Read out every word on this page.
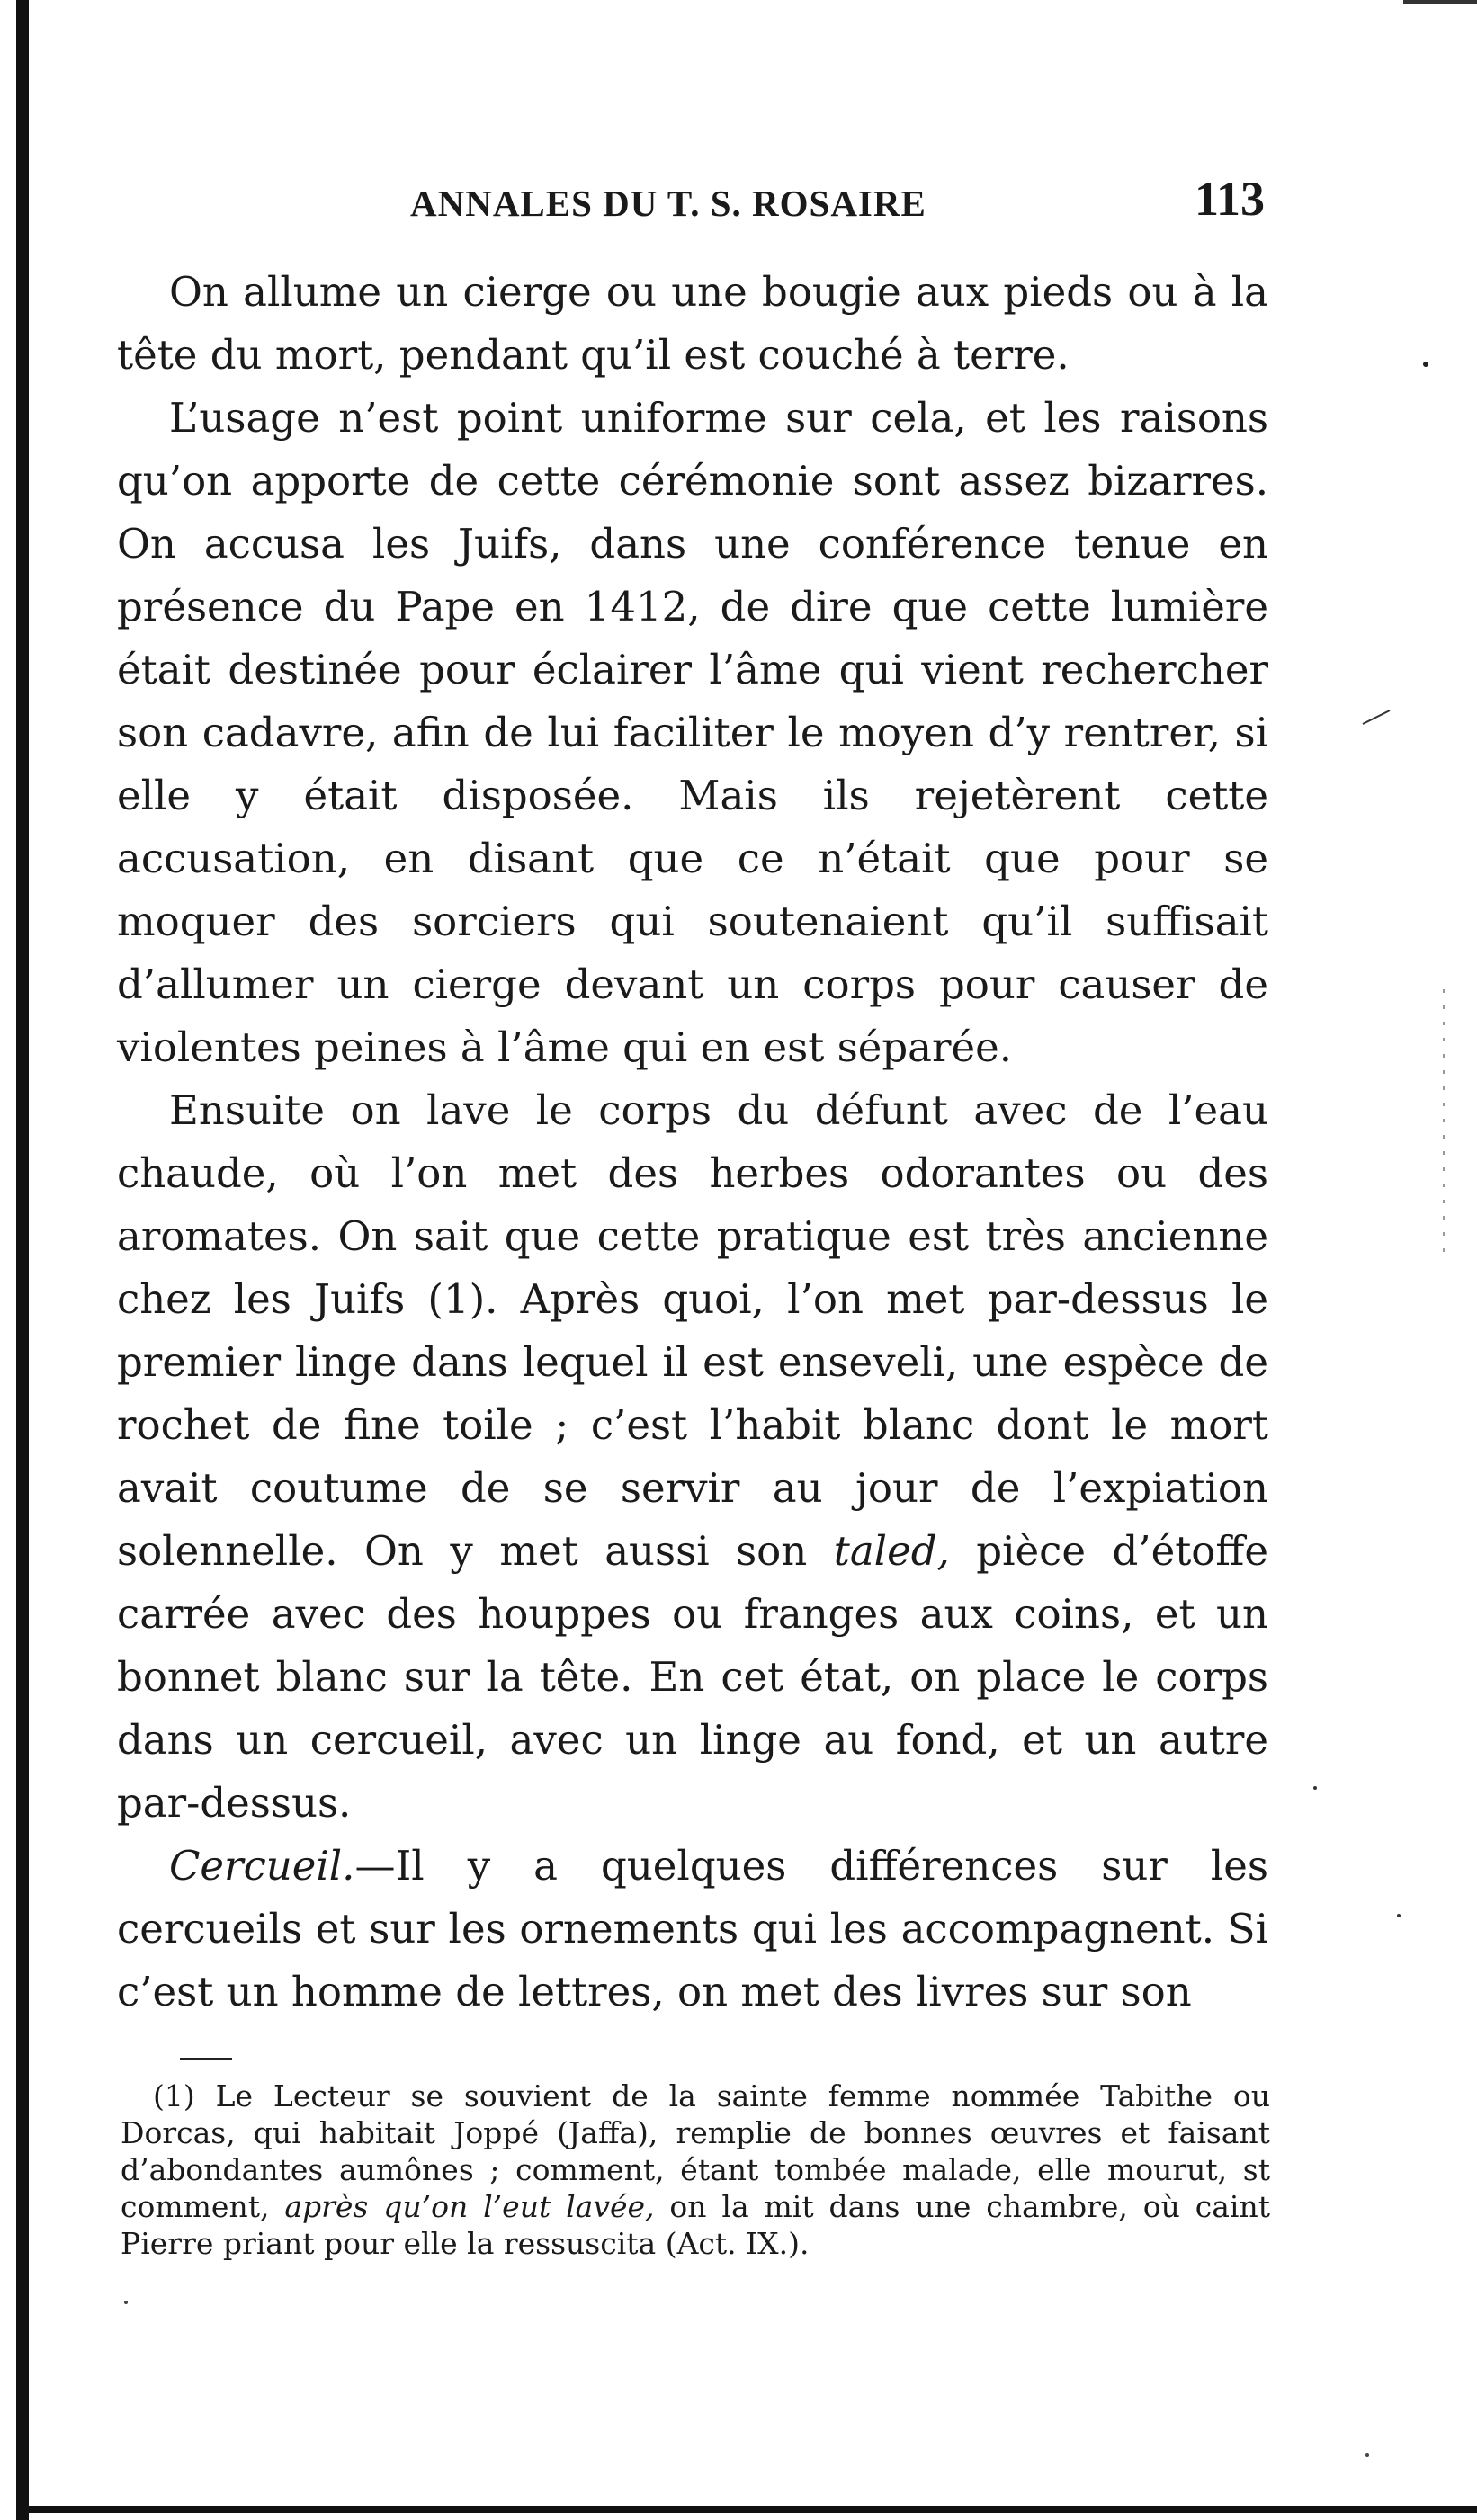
ANNALES DU T. S. ROSAIRE	113

On allume un cierge ou une bougie aux pieds ou à la tête du mort, pendant qu’il est couché à terre.

L’usage n’est point uniforme sur cela, et les raisons qu’on apporte de cette cérémonie sont assez bizarres. On accusa les Juifs, dans une conférence tenue en présence du Pape en 1412, de dire que cette lumière était destinée pour éclairer l’âme qui vient rechercher son cadavre, afin de lui faciliter le moyen d’y rentrer, si elle y était disposée. Mais ils rejetèrent cette accusation, en disant que ce n’était que pour se moquer des sorciers qui soutenaient qu’il suffisait d’allumer un cierge devant un corps pour causer de violentes peines à l’âme qui en est séparée.

Ensuite on lave le corps du défunt avec de l’eau chaude, où l’on met des herbes odorantes ou des aromates. On sait que cette pratique est très ancienne chez les Juifs (1). Après quoi, l’on met par-dessus le premier linge dans lequel il est enseveli, une espèce de rochet de fine toile ; c’est l’habit blanc dont le mort avait coutume de se servir au jour de l’expiation solennelle. On y met aussi son taled, pièce d’étoffe carrée avec des houppes ou franges aux coins, et un bonnet blanc sur la tête. En cet état, on place le corps dans un cercueil, avec un linge au fond, et un autre par-dessus.

Cercueil.—Il y a quelques différences sur les cercueils et sur les ornements qui les accompagnent. Si c’est un homme de lettres, on met des livres sur son

(1) Le Lecteur se souvient de la sainte femme nommée Tabithe ou Dorcas, qui habitait Joppé (Jaffa), remplie de bonnes œuvres et faisant d’abondantes aumônes ; comment, étant tombée malade, elle mourut, st comment, après qu’on l’eut lavée, on la mit dans une chambre, où caint Pierre priant pour elle la ressuscita (Act. IX.).
